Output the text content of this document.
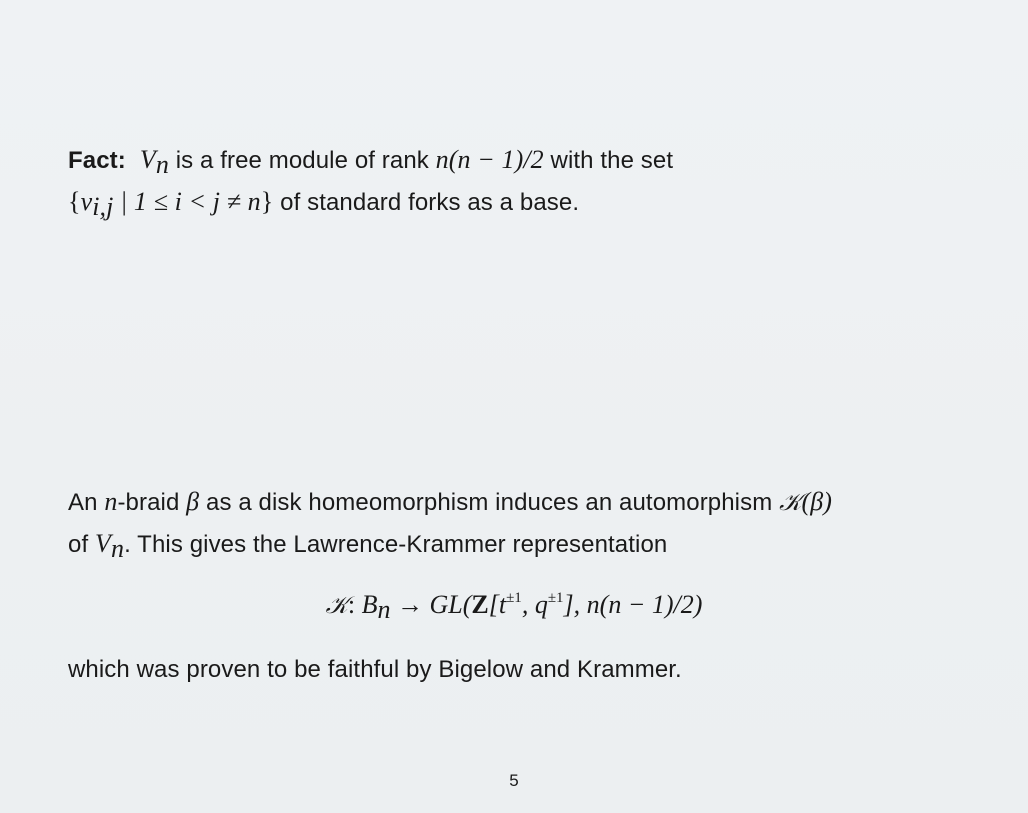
Fact: $V_n$ is a free module of rank n(n − 1)/2 with the set
{$v_{i,j}$ | 1 ≤ i < j ≠ n} of standard forks as a base.
An n-braid β as a disk homeomorphism induces an automorphism 𝒦(β)
of $V_n$. This gives the Lawrence-Krammer representation
𝒦: $B_n \to GL(Z[t^{\pm 1}$, $q^{\pm 1}$], n(n − 1)/2)
which was proven to be faithful by Bigelow and Krammer.
5
